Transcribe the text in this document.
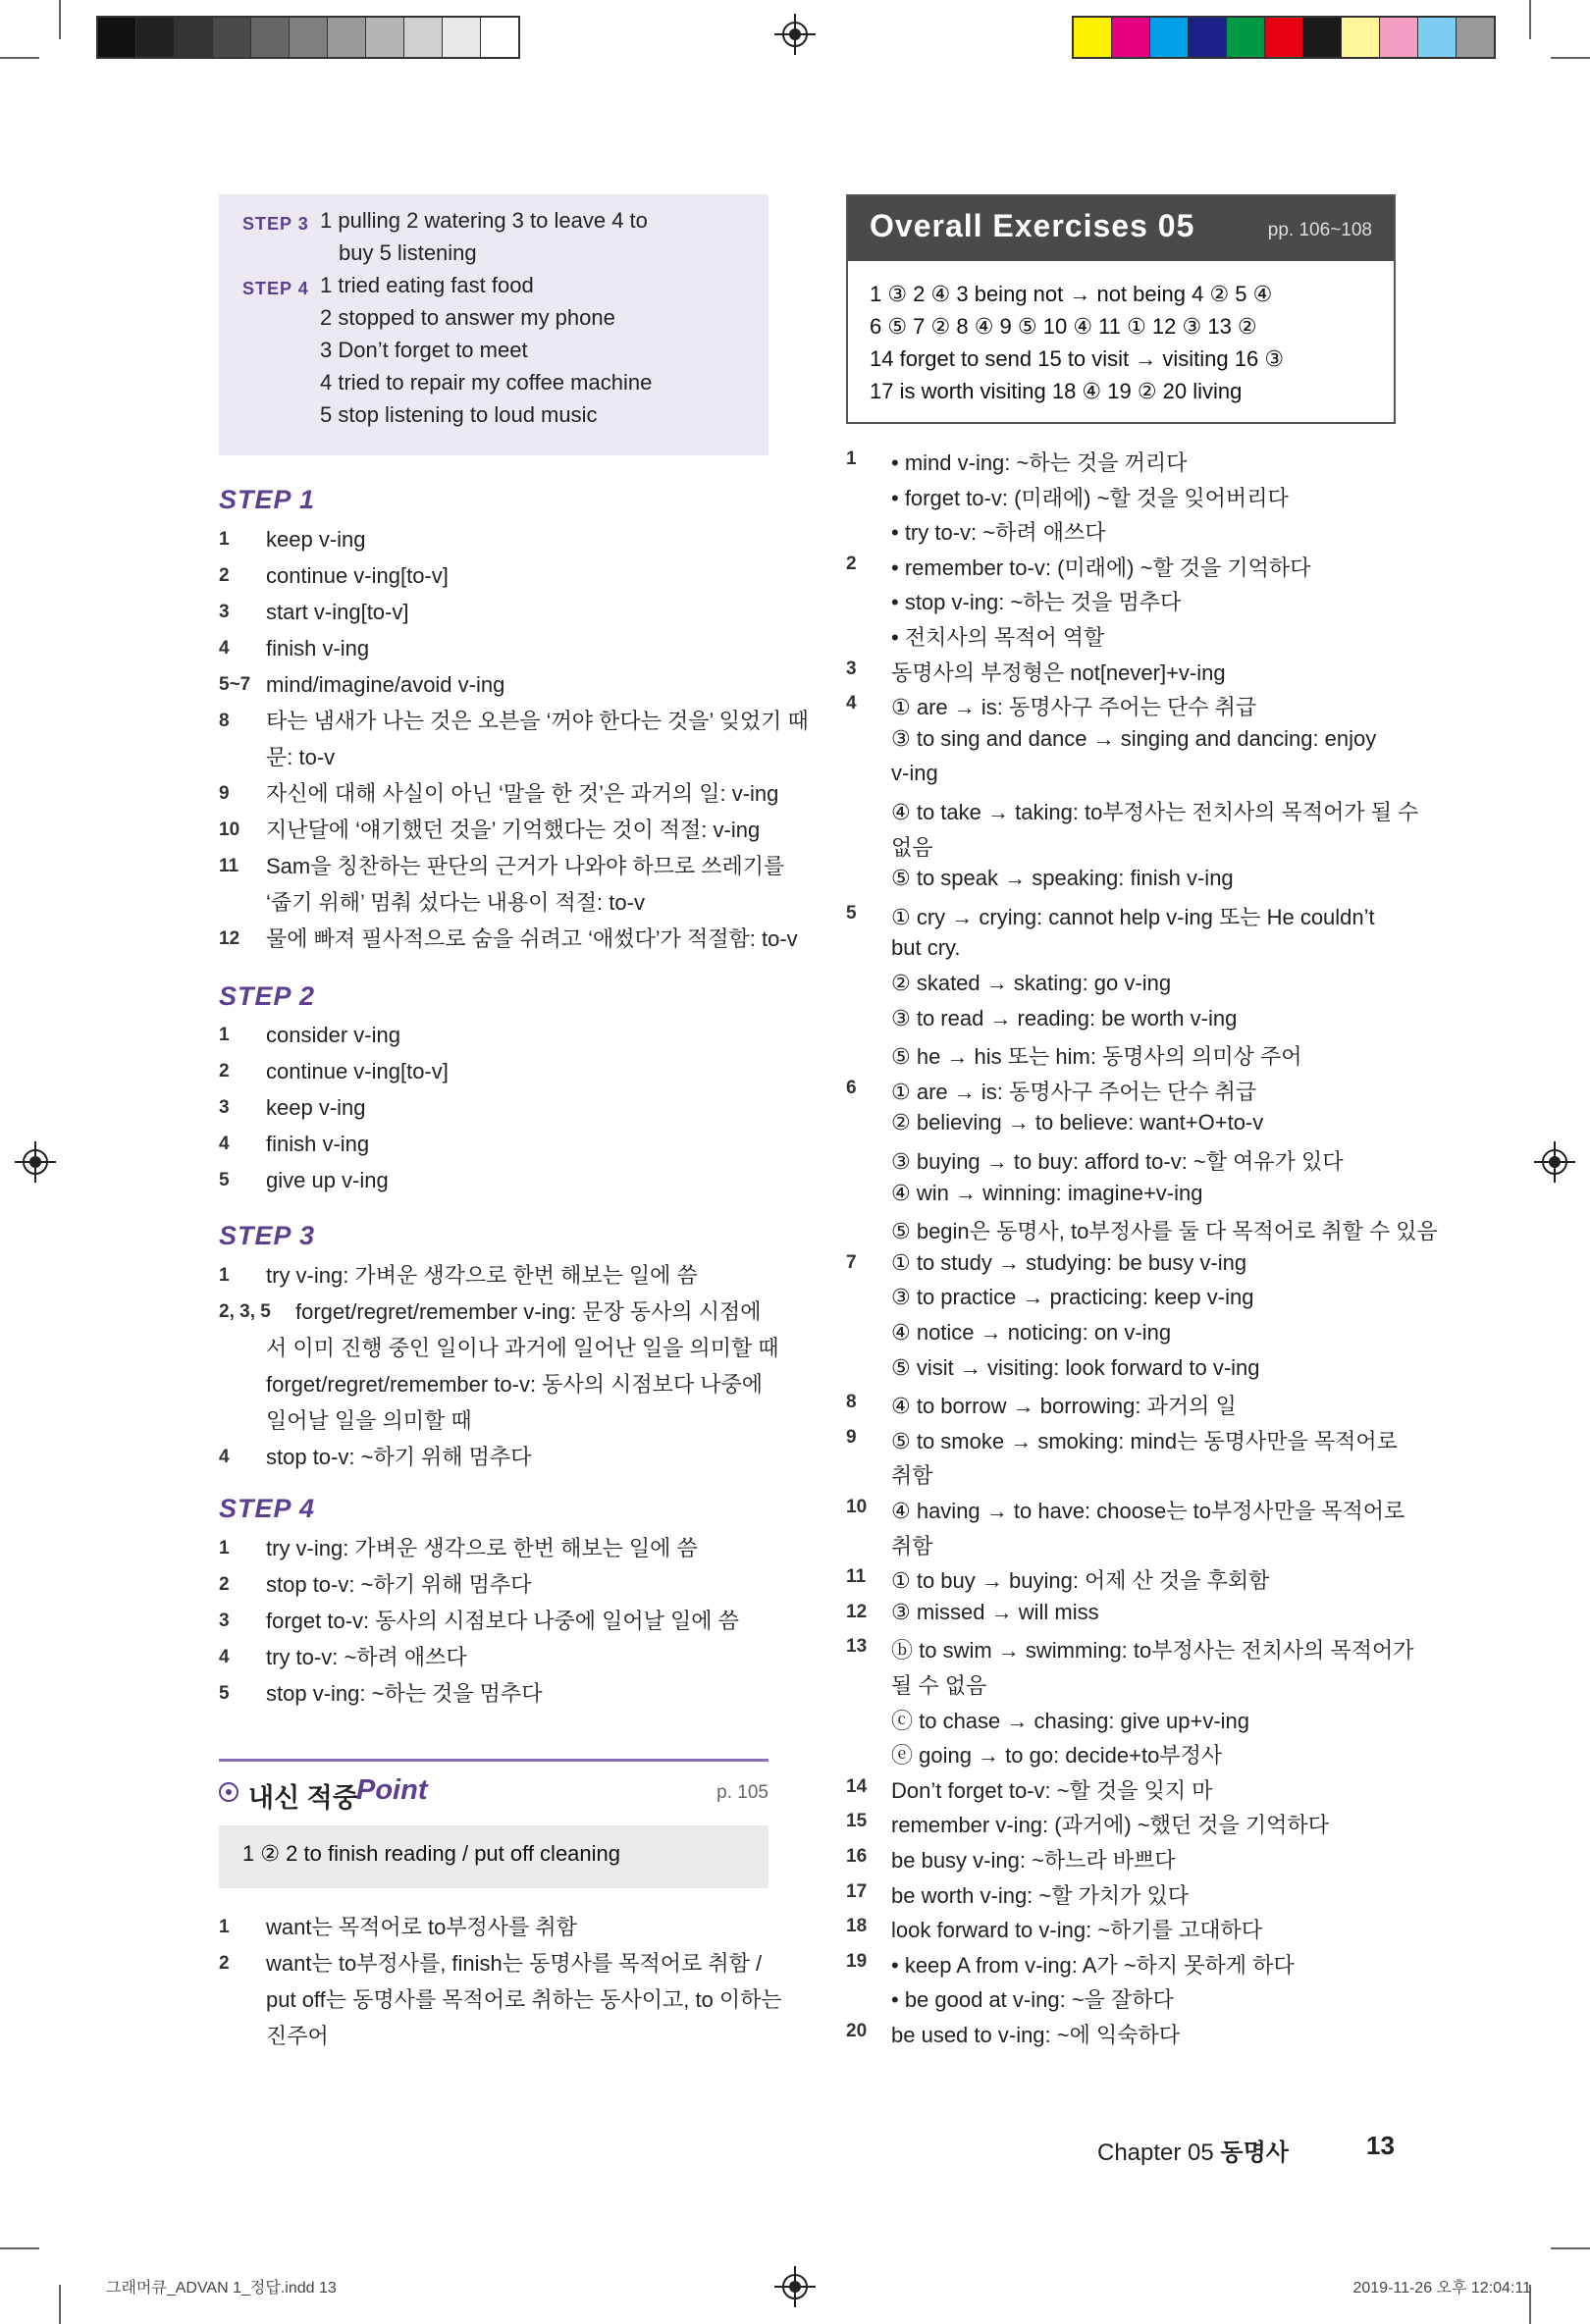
STEP 3 1 pulling 2 watering 3 to leave 4 to
buy 5 listening
STEP 4 1 tried eating fast food
2 stopped to answer my phone
3 Don’t forget to meet
4 tried to repair my coffee machine
5 stop listening to loud music
STEP 1
1 keep v-ing
2 continue v-ing[to-v]
3 start v-ing[to-v]
4 finish v-ing
5~7 mind/imagine/avoid v-ing
8 타는 냄새가 나는 것은 오븐을 ‘꺼야 한다는 것을’ 잊었기 때
문: to-v
9 자신에 대해 사실이 아닌 ‘말을 한 것’은 과거의 일: v-ing
10 지난달에 ‘얘기했던 것을’ 기억했다는 것이 적절: v-ing
11 Sam을 칭찬하는 판단의 근거가 나와야 하므로 쓰레기를
‘줍기 위해’ 멈춰 섰다는 내용이 적절: to-v
12 물에 빠져 필사적으로 숨을 쉬려고 ‘애썼다’가 적절함: to-v
STEP 2
1 consider v-ing
2 continue v-ing[to-v]
3 keep v-ing
4 finish v-ing
5 give up v-ing
STEP 3
1 try v-ing: 가벼운 생각으로 한번 해보는 일에 씀
2, 3, 5 forget/regret/remember v-ing: 문장 동사의 시점에
서 이미 진행 중인 일이나 과거에 일어난 일을 의미할 때
forget/regret/remember to-v: 동사의 시점보다 나중에
일어날 일을 의미할 때
4 stop to-v: ~하기 위해 멈추다
STEP 4
1 try v-ing: 가벼운 생각으로 한번 해보는 일에 씀
2 stop to-v: ~하기 위해 멈추다
3 forget to-v: 동사의 시점보다 나중에 일어날 일에 씀
4 try to-v: ~하려 애쓰다
5 stop v-ing: ~하는 것을 멈추다
내신 적중
Point	p. 105
1 ② 2 to finish reading / put off cleaning
1 want는 목적어로 to부정사를 취함
2 want는 to부정사를, finish는 동명사를 목적어로 취함 /
put off는 동명사를 목적어로 취하는 동사이고, to 이하는
진주어
Overall Exercises 05	pp. 106~108
1 ③ 2 ④ 3 being not → not being 4 ② 5 ④
6 ⑤ 7 ② 8 ④ 9 ⑤ 10 ④ 11 ① 12 ③ 13 ②
14 forget to send 15 to visit → visiting 16 ③
17 is worth visiting 18 ④ 19 ② 20 living
1 • mind v-ing: ~하는 것을 꺼리다
• forget to-v: (미래에) ~할 것을 잊어버리다
• try to-v: ~하려 애쓰다
2 • remember to-v: (미래에) ~할 것을 기억하다
• stop v-ing: ~하는 것을 멈추다
• 전치사의 목적어 역할
3 동명사의 부정형은 not[never]+v-ing
4 ① are → is: 동명사구 주어는 단수 취급
③ to sing and dance → singing and dancing: enjoy
v-ing
④ to take → taking: to부정사는 전치사의 목적어가 될 수
없음
⑤ to speak → speaking: finish v-ing
5 ① cry → crying: cannot help v-ing 또는 He couldn’t
but cry.
② skated → skating: go v-ing
③ to read → reading: be worth v-ing
⑤ he → his 또는 him: 동명사의 의미상 주어
6 ① are → is: 동명사구 주어는 단수 취급
② believing → to believe: want+O+to-v
③ buying → to buy: afford to-v: ~할 여유가 있다
④ win → winning: imagine+v-ing
⑤ begin은 동명사, to부정사를 둘 다 목적어로 취할 수 있음
7 ① to study → studying: be busy v-ing
③ to practice → practicing: keep v-ing
④ notice → noticing: on v-ing
⑤ visit → visiting: look forward to v-ing
8 ④ to borrow → borrowing: 과거의 일
9 ⑤ to smoke → smoking: mind는 동명사만을 목적어로
취함
10 ④ having → to have: choose는 to부정사만을 목적어로
취함
11 ① to buy → buying: 어제 산 것을 후회함
12 ③ missed → will miss
13 ⓑ to swim → swimming: to부정사는 전치사의 목적어가
될 수 없음
ⓒ to chase → chasing: give up+v-ing
ⓔ going → to go: decide+to부정사
14 Don’t forget to-v: ~할 것을 잊지 마
15 remember v-ing: (과거에) ~했던 것을 기억하다
16 be busy v-ing: ~하느라 바쁘다
17 be worth v-ing: ~할 가치가 있다
18 look forward to v-ing: ~하기를 고대하다
19 • keep A from v-ing: A가 ~하지 못하게 하다
• be good at v-ing: ~을 잘하다
20 be used to v-ing: ~에 익숙하다
Chapter 05 동명사	13
그래머큐_ADVAN 1_정답.indd 13	2019-11-26 오후 12:04:11
